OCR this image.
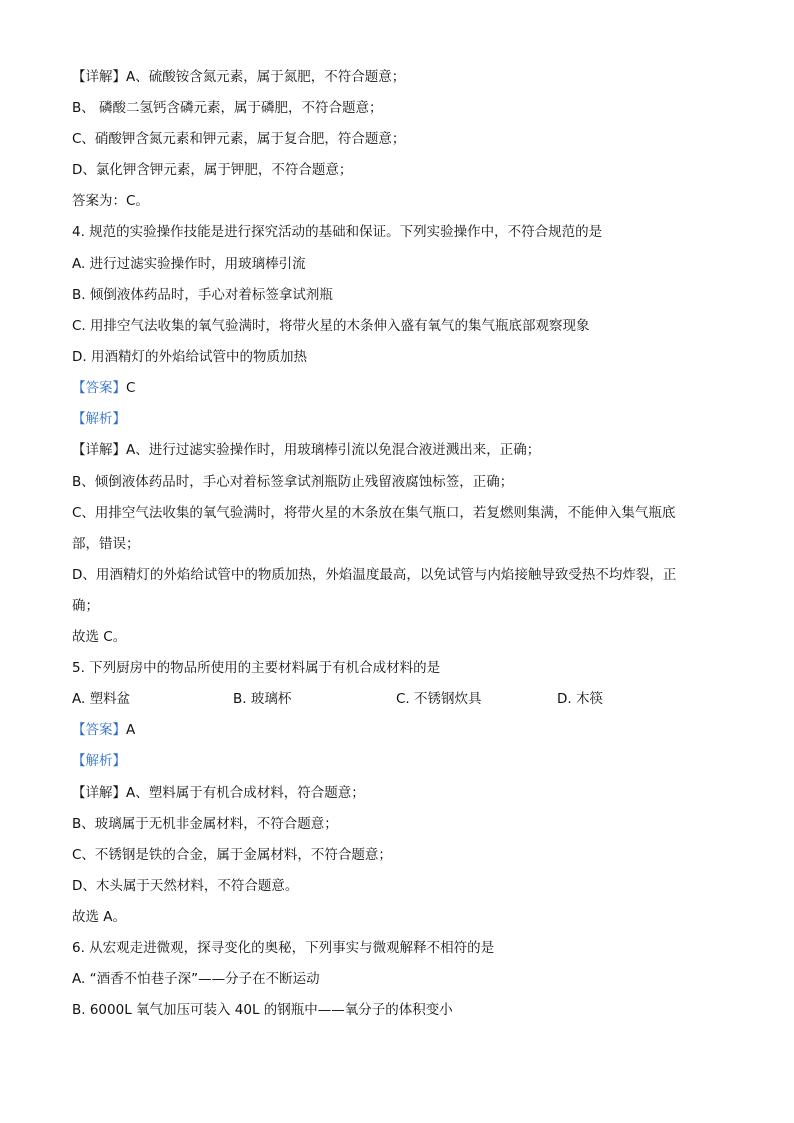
【详解】A、硫酸铵含氮元素，属于氮肥，不符合题意；
B、 磷酸二氢钙含磷元素，属于磷肥，不符合题意；
C、硝酸钾含氮元素和钾元素，属于复合肥，符合题意；
D、氯化钾含钾元素，属于钾肥，不符合题意；
答案为：C。
4. 规范的实验操作技能是进行探究活动的基础和保证。下列实验操作中，不符合规范的是
A. 进行过滤实验操作时，用玻璃棒引流
B. 倾倒液体药品时，手心对着标签拿试剂瓶
C. 用排空气法收集的氧气验满时，将带火星的木条伸入盛有氧气的集气瓶底部观察现象
D. 用酒精灯的外焰给试管中的物质加热
【答案】C
【解析】
【详解】A、进行过滤实验操作时，用玻璃棒引流以免混合液迸溅出来，正确；
B、倾倒液体药品时，手心对着标签拿试剂瓶防止残留液腐蚀标签，正确；
C、用排空气法收集的氧气验满时，将带火星的木条放在集气瓶口，若复燃则集满，不能伸入集气瓶底
部，错误；
D、用酒精灯的外焰给试管中的物质加热，外焰温度最高，以免试管与内焰接触导致受热不均炸裂，正
确；
故选 C。
5. 下列厨房中的物品所使用的主要材料属于有机合成材料的是
A. 塑料盆	B. 玻璃杯	C. 不锈钢炊具	D. 木筷
【答案】A
【解析】
【详解】A、塑料属于有机合成材料，符合题意；
B、玻璃属于无机非金属材料，不符合题意；
C、不锈钢是铁的合金，属于金属材料，不符合题意；
D、木头属于天然材料，不符合题意。
故选 A。
6. 从宏观走进微观，探寻变化的奥秘，下列事实与微观解释不相符的是
A. “酒香不怕巷子深”——分子在不断运动
B. 6000L 氧气加压可装入 40L 的钢瓶中——氧分子的体积变小
